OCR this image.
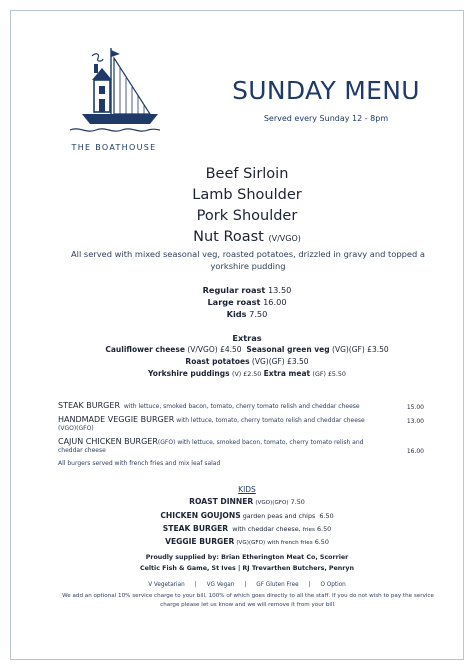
THE BOATHOUSE
SUNDAY MENU
Served every Sunday 12 - 8pm
Beef Sirloin
Lamb Shoulder
Pork Shoulder
Nut Roast (V/VGO)
All served with mixed seasonal veg, roasted potatoes, drizzled in gravy and topped a yorkshire pudding
Regular roast 13.50
Large roast 16.00
Kids 7.50
Extras
Cauliflower cheese (V/VGO) £4.50 Seasonal green veg (VG)(GF) £3.50
Roast potatoes (VG)(GF) £3.50
Yorkshire puddings (V) £2.50 Extra meat (GF) £5.50
STEAK BURGER with lettuce, smoked bacon, tomato, cherry tomato relish and cheddar cheese	15.00
HANDMADE VEGGIE BURGER with lettuce, tomato, cherry tomato relish and cheddar cheese
(VGO)(GFO)
13.00
CAJUN CHICKEN BURGER(GFO) with lettuce, smoked bacon, tomato, cherry tomato relish and cheddar cheese	16.00
All burgers served with french fries and mix leaf salad
KIDS
ROAST DINNER (VGO)(GFO) 7.50
CHICKEN GOUJONS garden peas and chips 6.50
STEAK BURGER with cheddar cheese, fries 6.50
VEGGIE BURGER (VG)(GFO) with french fries 6.50
Proudly supplied by: Brian Etherington Meat Co, Scorrier
Celtic Fish & Game, St Ives | RJ Trevarthen Butchers, Penryn
V Vegetarian | VG Vegan | GF Gluten Free | O Option
We add an optional 10% service charge to your bill, 100% of which goes directly to all the staff. If you do not wish to pay the service charge please let us know and we will remove it from your bill.
